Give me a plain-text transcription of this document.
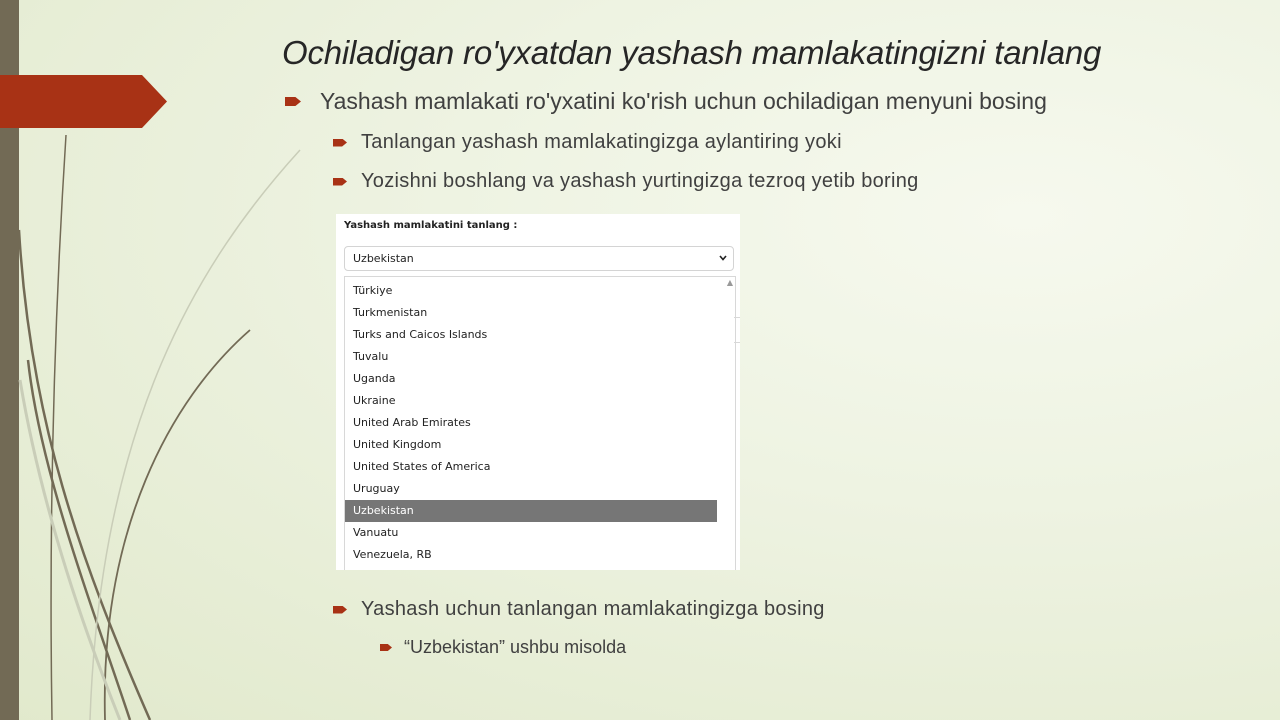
Ochiladigan ro'yxatdan yashash mamlakatingizni tanlang
Yashash mamlakati ro'yxatini ko'rish uchun ochiladigan menyuni bosing
Tanlangan yashash mamlakatingizga aylantiring yoki
Yozishni boshlang va yashash yurtingizga tezroq yetib boring
Yashash mamlakatini tanlang :
Uzbekistan
Türkiye
Turkmenistan
Turks and Caicos Islands
Tuvalu
Uganda
Ukraine
United Arab Emirates
United Kingdom
United States of America
Uruguay
Uzbekistan
Vanuatu
Venezuela, RB
▲
Yashash uchun tanlangan mamlakatingizga bosing
“Uzbekistan” ushbu misolda
